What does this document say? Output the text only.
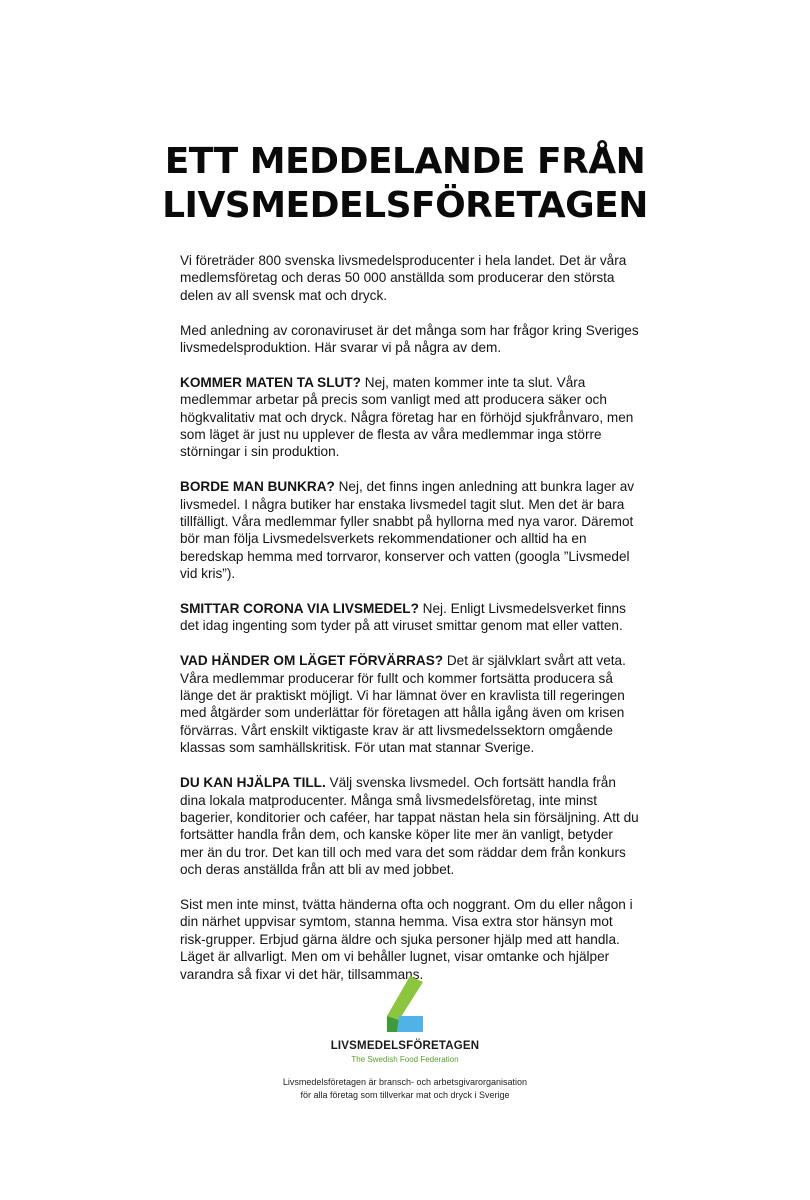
ETT MEDDELANDE FRÅN
LIVSMEDELSFÖRETAGEN

Vi företräder 800 svenska livsmedelsproducenter i hela landet. Det är våra medlemsföretag och deras 50 000 anställda som producerar den största delen av all svensk mat och dryck.

Med anledning av coronaviruset är det många som har frågor kring Sveriges livsmedelsproduktion. Här svarar vi på några av dem.

KOMMER MATEN TA SLUT? Nej, maten kommer inte ta slut. Våra medlemmar arbetar på precis som vanligt med att producera säker och högkvalitativ mat och dryck. Några företag har en förhöjd sjukfrånvaro, men som läget är just nu upplever de flesta av våra medlemmar inga större störningar i sin produktion.

BORDE MAN BUNKRA? Nej, det finns ingen anledning att bunkra lager av livsmedel. I några butiker har enstaka livsmedel tagit slut. Men det är bara tillfälligt. Våra medlemmar fyller snabbt på hyllorna med nya varor. Däremot bör man följa Livsmedelsverkets rekommendationer och alltid ha en beredskap hemma med torrvaror, konserver och vatten (googla ”Livsmedel vid kris”).

SMITTAR CORONA VIA LIVSMEDEL? Nej. Enligt Livsmedelsverket finns det idag ingenting som tyder på att viruset smittar genom mat eller vatten.

VAD HÄNDER OM LÄGET FÖRVÄRRAS? Det är självklart svårt att veta. Våra medlemmar producerar för fullt och kommer fortsätta producera så länge det är praktiskt möjligt. Vi har lämnat över en kravlista till regeringen med åtgärder som underlättar för företagen att hålla igång även om krisen förvärras. Vårt enskilt viktigaste krav är att livsmedelssektorn omgående klassas som samhällskritisk. För utan mat stannar Sverige.

DU KAN HJÄLPA TILL. Välj svenska livsmedel. Och fortsätt handla från dina lokala matproducenter. Många små livsmedelsföretag, inte minst bagerier, konditorier och caféer, har tappat nästan hela sin försäljning. Att du fortsätter handla från dem, och kanske köper lite mer än vanligt, betyder mer än du tror. Det kan till och med vara det som räddar dem från konkurs och deras anställda från att bli av med jobbet.

Sist men inte minst, tvätta händerna ofta och noggrant. Om du eller någon i din närhet uppvisar symtom, stanna hemma. Visa extra stor hänsyn mot risk-grupper. Erbjud gärna äldre och sjuka personer hjälp med att handla. Läget är allvarligt. Men om vi behåller lugnet, visar omtanke och hjälper varandra så fixar vi det här, tillsammans.

LIVSMEDELSFÖRETAGEN
The Swedish Food Federation
Livsmedelsföretagen är bransch- och arbetsgivarorganisation
för alla företag som tillverkar mat och dryck i Sverige
